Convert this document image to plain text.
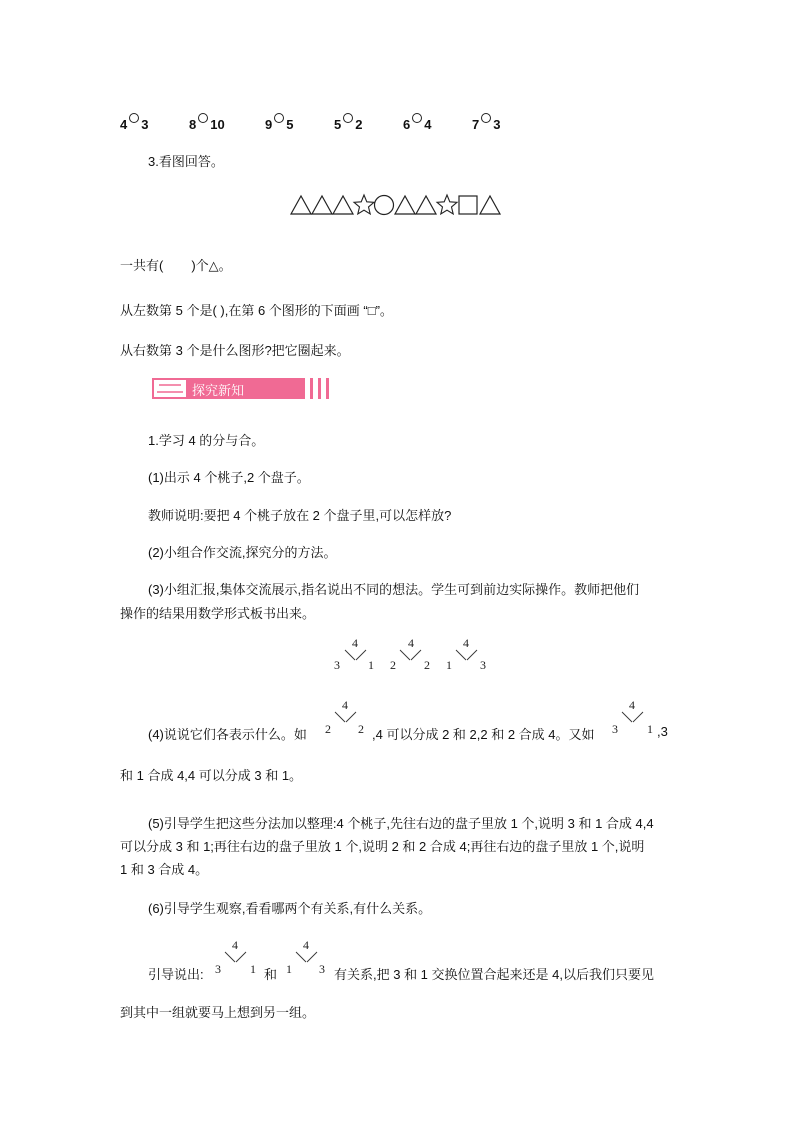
4 3	8 10	9 5	5 2	6 4	7 3
3.看图回答。
一共有( )个△。
从左数第 5 个是( ),在第 6 个图形的下面画 “□”。
从右数第 3 个是什么图形?把它圈起来。
探究新知
1.学习 4 的分与合。
(1)出示 4 个桃子,2 个盘子。
教师说明:要把 4 个桃子放在 2 个盘子里,可以怎样放?
(2)小组合作交流,探究分的方法。
(3)小组汇报,集体交流展示,指名说出不同的想法。学生可到前边实际操作。教师把他们
操作的结果用数学形式板书出来。
4
3 1
4
2 2
4
1 3
(4)说说它们各表示什么。如
4
2 2 ,4 可以分成 2 和 2,2 和 2 合成 4。又如
4
3 1 ,3
和 1 合成 4,4 可以分成 3 和 1。
(5)引导学生把这些分法加以整理:4 个桃子,先往右边的盘子里放 1 个,说明 3 和 1 合成 4,4
可以分成 3 和 1;再往右边的盘子里放 1 个,说明 2 和 2 合成 4;再往右边的盘子里放 1 个,说明
1 和 3 合成 4。
(6)引导学生观察,看看哪两个有关系,有什么关系。
引导说出:
4
3 1 和
4
1 3 有关系,把 3 和 1 交换位置合起来还是 4,以后我们只要见
到其中一组就要马上想到另一组。
